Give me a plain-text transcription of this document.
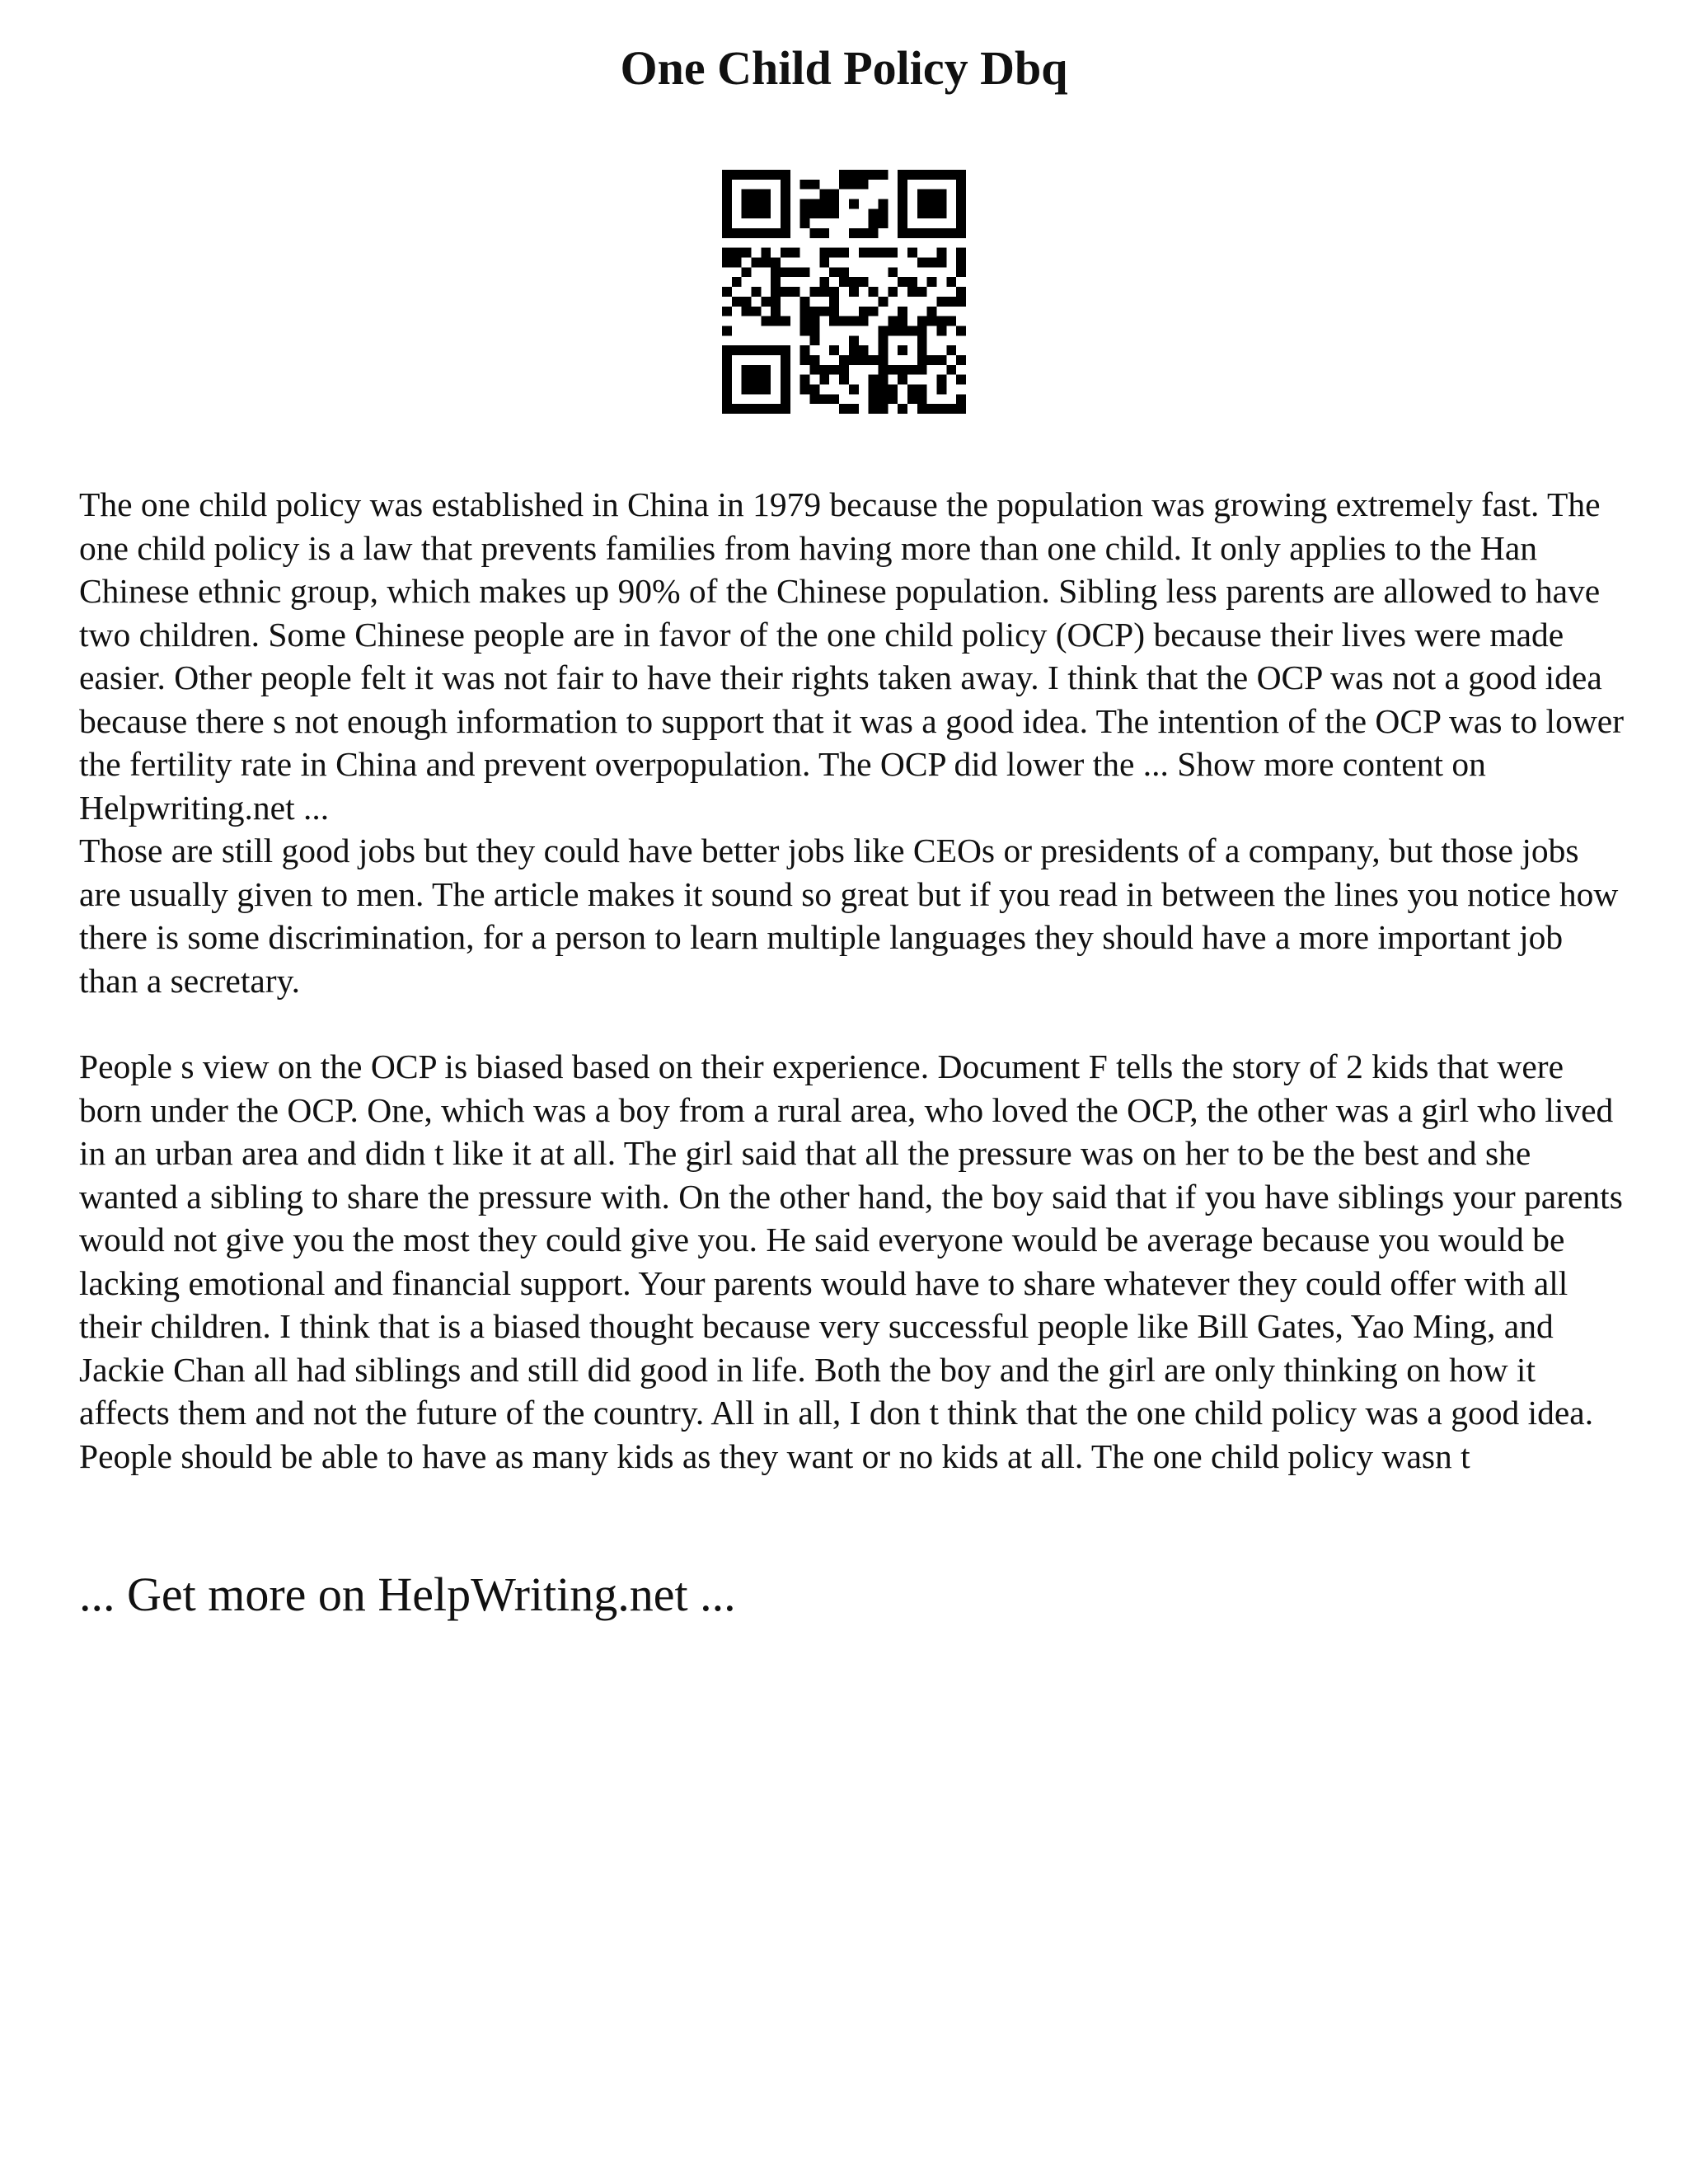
One Child Policy Dbq

The one child policy was established in China in 1979 because the population was growing extremely fast. The one child policy is a law that prevents families from having more than one child. It only applies to the Han Chinese ethnic group, which makes up 90% of the Chinese population. Sibling less parents are allowed to have two children. Some Chinese people are in favor of the one child policy (OCP) because their lives were made easier. Other people felt it was not fair to have their rights taken away. I think that the OCP was not a good idea because there s not enough information to support that it was a good idea. The intention of the OCP was to lower the fertility rate in China and prevent overpopulation. The OCP did lower the ... Show more content on Helpwriting.net ...

Those are still good jobs but they could have better jobs like CEOs or presidents of a company, but those jobs are usually given to men. The article makes it sound so great but if you read in between the lines you notice how there is some discrimination, for a person to learn multiple languages they should have a more important job than a secretary.

People s view on the OCP is biased based on their experience. Document F tells the story of 2 kids that were born under the OCP. One, which was a boy from a rural area, who loved the OCP, the other was a girl who lived in an urban area and didn t like it at all. The girl said that all the pressure was on her to be the best and she wanted a sibling to share the pressure with. On the other hand, the boy said that if you have siblings your parents would not give you the most they could give you. He said everyone would be average because you would be lacking emotional and financial support. Your parents would have to share whatever they could offer with all their children. I think that is a biased thought because very successful people like Bill Gates, Yao Ming, and Jackie Chan all had siblings and still did good in life. Both the boy and the girl are only thinking on how it affects them and not the future of the country. All in all, I don t think that the one child policy was a good idea. People should be able to have as many kids as they want or no kids at all. The one child policy wasn t

... Get more on HelpWriting.net ...
